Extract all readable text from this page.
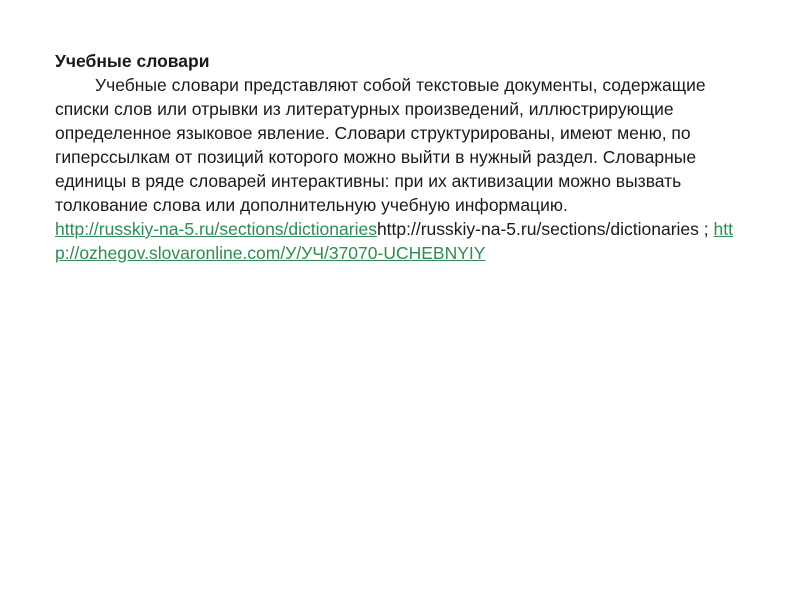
Учебные словари

Учебные словари представляют собой текстовые документы, содержащие списки слов или отрывки из литературных произведений, иллюстрирующие определенное языковое явление. Словари структурированы, имеют меню, по гиперссылкам от позиций которого можно выйти в нужный раздел. Словарные единицы в ряде словарей интерактивны: при их активизации можно вызвать толкование слова или дополнительную учебную информацию.

http://russkiy-na-5.ru/sections/dictionarieshttp://russkiy-na-5.ru/sections/dictionaries ; http://ozhegov.slovaronline.com/У/УЧ/37070-UCHEBNYIY
